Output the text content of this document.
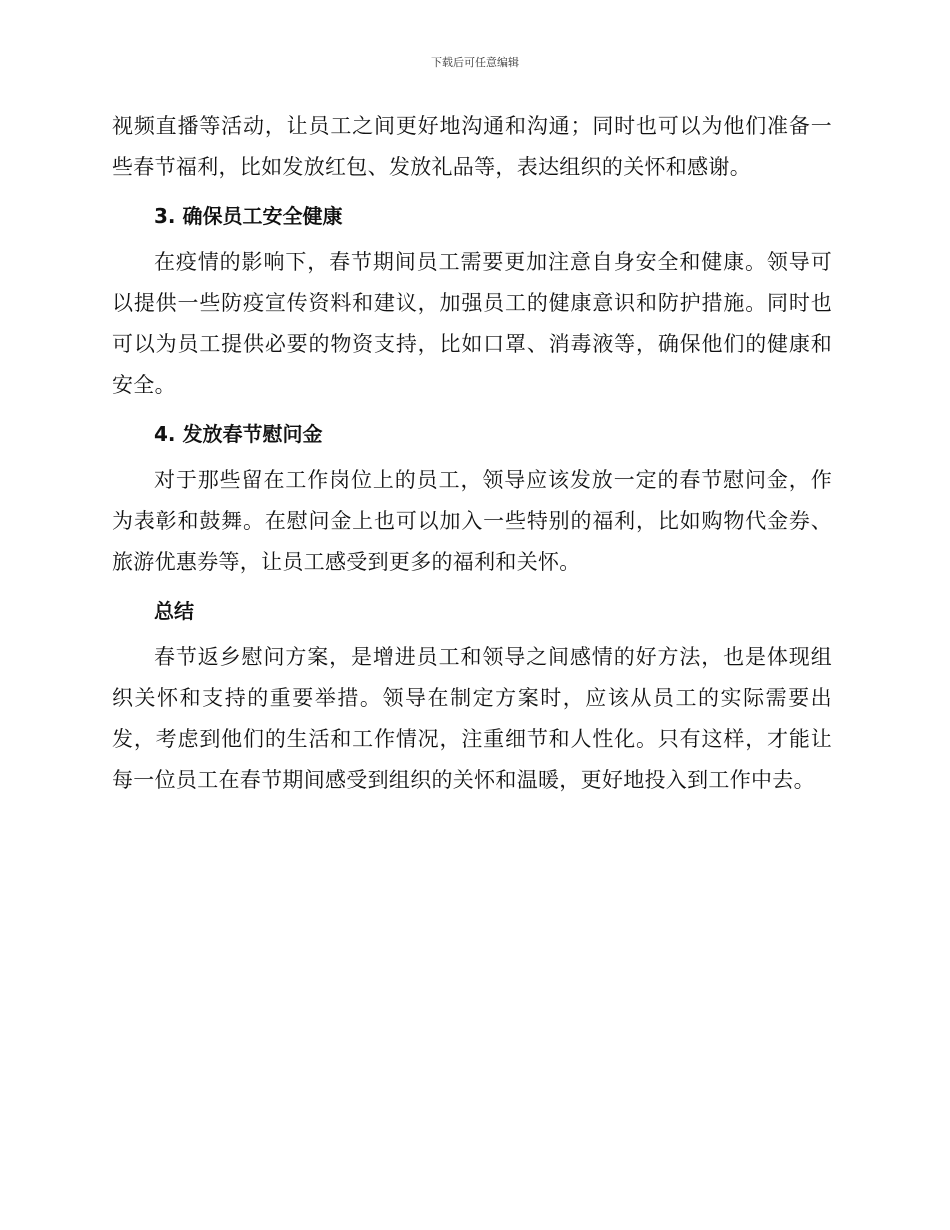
下载后可任意编辑

视频直播等活动，让员工之间更好地沟通和沟通；同时也可以为他们准备一些春节福利，比如发放红包、发放礼品等，表达组织的关怀和感谢。

3. 确保员工安全健康

在疫情的影响下，春节期间员工需要更加注意自身安全和健康。领导可以提供一些防疫宣传资料和建议，加强员工的健康意识和防护措施。同时也可以为员工提供必要的物资支持，比如口罩、消毒液等，确保他们的健康和安全。

4. 发放春节慰问金

对于那些留在工作岗位上的员工，领导应该发放一定的春节慰问金，作为表彰和鼓舞。在慰问金上也可以加入一些特别的福利，比如购物代金券、旅游优惠券等，让员工感受到更多的福利和关怀。

总结

春节返乡慰问方案，是增进员工和领导之间感情的好方法，也是体现组织关怀和支持的重要举措。领导在制定方案时，应该从员工的实际需要出发，考虑到他们的生活和工作情况，注重细节和人性化。只有这样，才能让每一位员工在春节期间感受到组织的关怀和温暖，更好地投入到工作中去。
